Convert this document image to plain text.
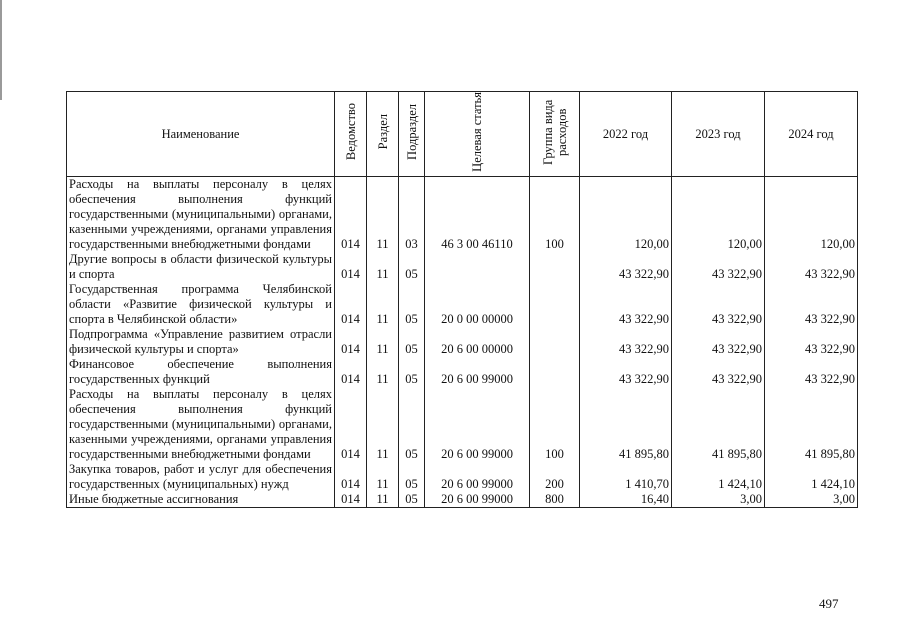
Наименование	Ведомство	Раздел	Подраздел	Целевая статья	Группа вида расходов	2022 год	2023 год	2024 год
Расходы на выплаты персоналу в целях обеспечения выполнения функций государственными (муниципальными) органами, казенными учреждениями, органами управления государственными внебюджетными фондами	014	11	03	46 3 00 46110	100	120,00	120,00	120,00
Другие вопросы в области физической культуры и спорта	014	11	05			43 322,90	43 322,90	43 322,90
Государственная программа Челябинской области «Развитие физической культуры и спорта в Челябинской области»	014	11	05	20 0 00 00000		43 322,90	43 322,90	43 322,90
Подпрограмма «Управление развитием отрасли физической культуры и спорта»	014	11	05	20 6 00 00000		43 322,90	43 322,90	43 322,90
Финансовое обеспечение выполнения государственных функций	014	11	05	20 6 00 99000		43 322,90	43 322,90	43 322,90
Расходы на выплаты персоналу в целях обеспечения выполнения функций государственными (муниципальными) органами, казенными учреждениями, органами управления государственными внебюджетными фондами	014	11	05	20 6 00 99000	100	41 895,80	41 895,80	41 895,80
Закупка товаров, работ и услуг для обеспечения государственных (муниципальных) нужд	014	11	05	20 6 00 99000	200	1 410,70	1 424,10	1 424,10
Иные бюджетные ассигнования	014	11	05	20 6 00 99000	800	16,40	3,00	3,00
497
